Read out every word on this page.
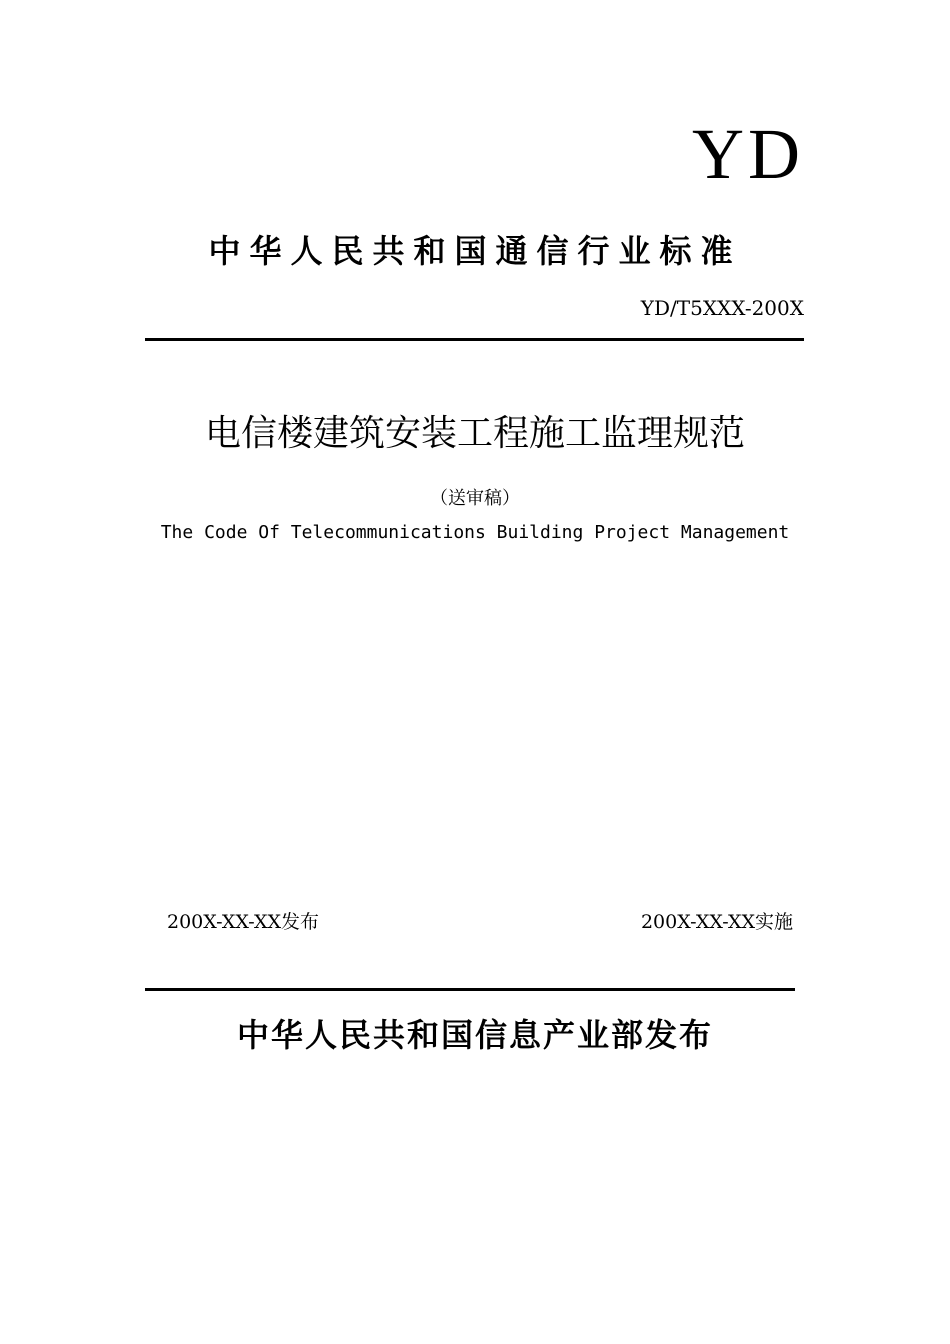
YD
中华人民共和国通信行业标准
YD/T5XXX-200X
电信楼建筑安装工程施工监理规范
（送审稿）
The Code Of Telecommunications Building Project Management
200X-XX-XX发布	200X-XX-XX实施
中华人民共和国信息产业部发布
